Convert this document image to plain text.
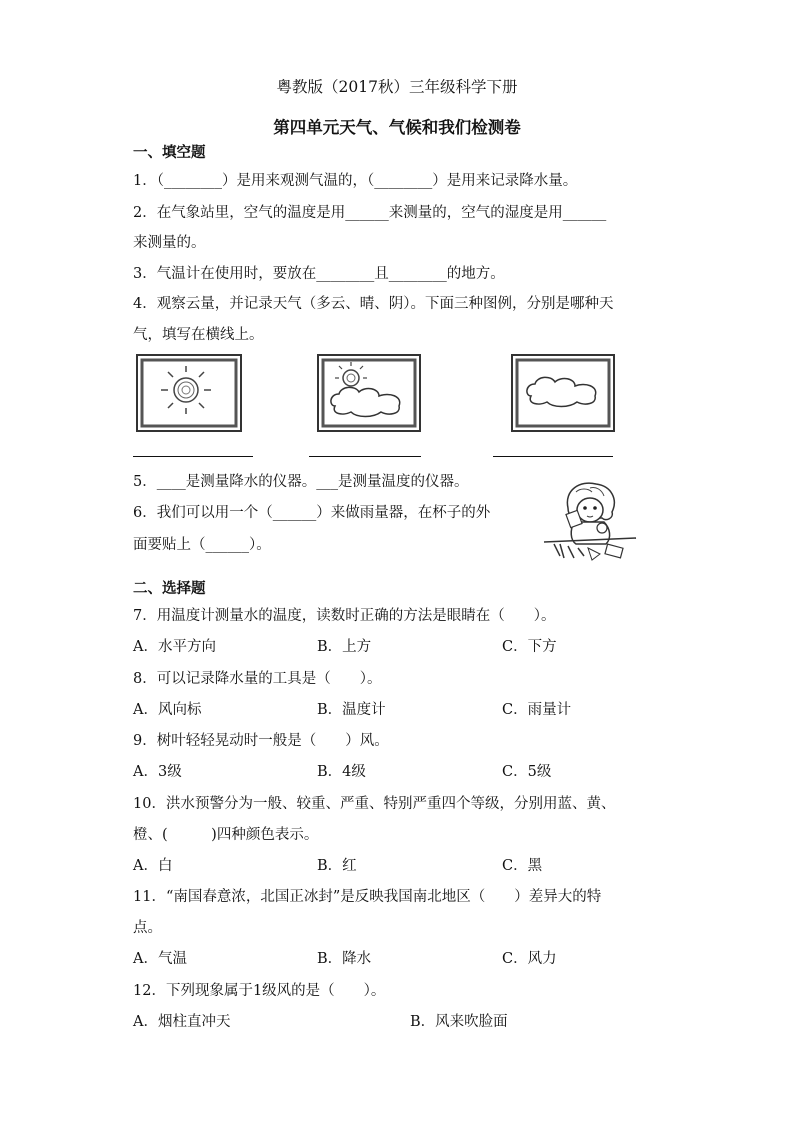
粤教版（2017秋）三年级科学下册
第四单元天气、气候和我们检测卷
一、填空题
1．（________）是用来观测气温的，（________）是用来记录降水量。
2．在气象站里，空气的温度是用______来测量的，空气的湿度是用______
来测量的。
3．气温计在使用时，要放在________且________的地方。
4．观察云量，并记录天气（多云、晴、阴）。下面三种图例，分别是哪种天
气，填写在横线上。
5．____是测量降水的仪器。___是测量温度的仪器。
6．我们可以用一个（______）来做雨量器，在杯子的外
面要贴上（______）。
二、选择题
7．用温度计测量水的温度，读数时正确的方法是眼睛在（　　）。
A．水平方向	B．上方	C．下方
8．可以记录降水量的工具是（　　）。
A．风向标	B．温度计	C．雨量计
9．树叶轻轻晃动时一般是（　　）风。
A．3级	B．4级	C．5级
10．洪水预警分为一般、较重、严重、特别严重四个等级，分别用蓝、黄、
橙、(　　　)四种颜色表示。
A．白	B．红	C．黑
11．“南国春意浓，北国正冰封”是反映我国南北地区（　　）差异大的特
点。
A．气温	B．降水	C．风力
12．下列现象属于1级风的是（　　）。
A．烟柱直冲天	B．风来吹脸面
